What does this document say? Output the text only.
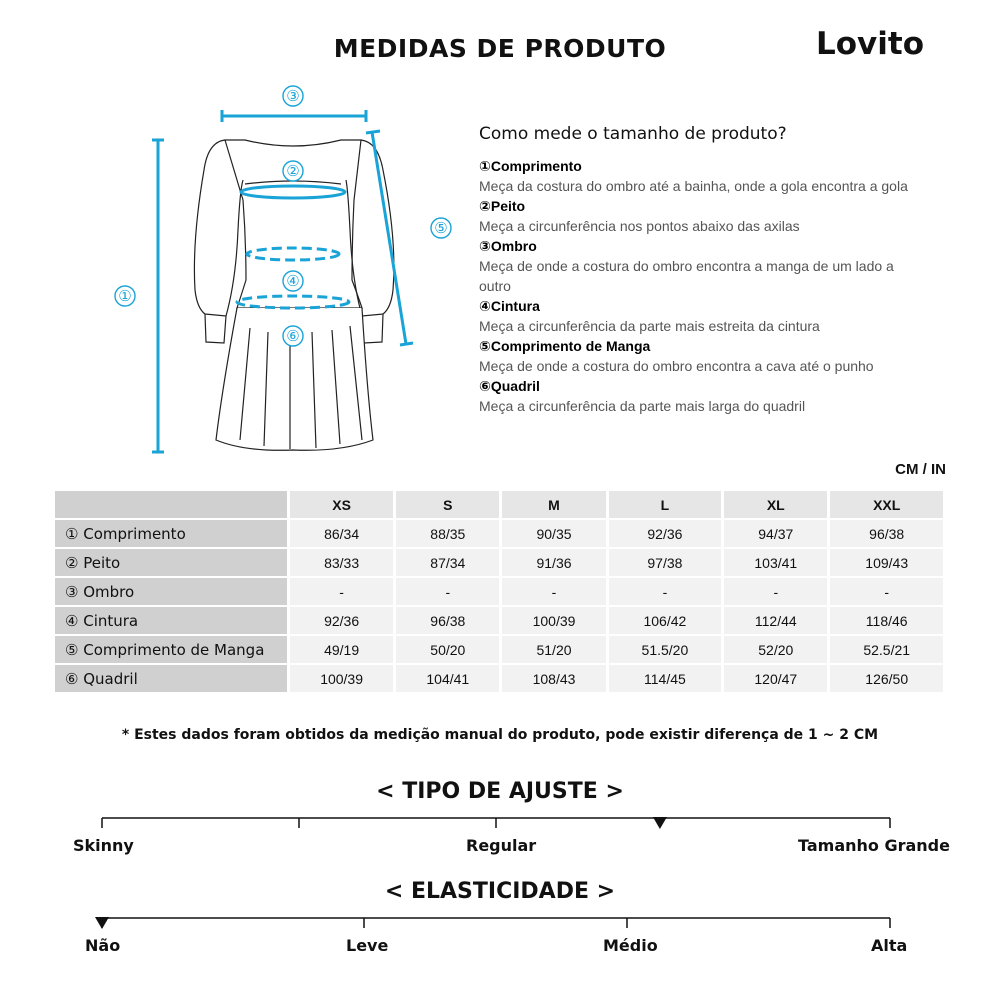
MEDIDAS DE PRODUTO	Lovito
③
②
⑤
①
④
⑥
Como mede o tamanho de produto?
①Comprimento
Meça da costura do ombro até a bainha, onde a gola encontra a gola
②Peito
Meça a circunferência nos pontos abaixo das axilas
③Ombro
Meça de onde a costura do ombro encontra a manga de um lado a outro
④Cintura
Meça a circunferência da parte mais estreita da cintura
⑤Comprimento de Manga
Meça de onde a costura do ombro encontra a cava até o punho
⑥Quadril
Meça a circunferência da parte mais larga do quadril
CM / IN
	XS	S	M	L	XL	XXL
① Comprimento	86/34	88/35	90/35	92/36	94/37	96/38
② Peito	83/33	87/34	91/36	97/38	103/41	109/43
③ Ombro	-	-	-	-	-	-
④ Cintura	92/36	96/38	100/39	106/42	112/44	118/46
⑤ Comprimento de Manga	49/19	50/20	51/20	51.5/20	52/20	52.5/21
⑥ Quadril	100/39	104/41	108/43	114/45	120/47	126/50
* Estes dados foram obtidos da medição manual do produto, pode existir diferença de 1 ~ 2 CM
< TIPO DE AJUSTE >
Skinny	Regular	Tamanho Grande
< ELASTICIDADE >
Não	Leve	Médio	Alta
